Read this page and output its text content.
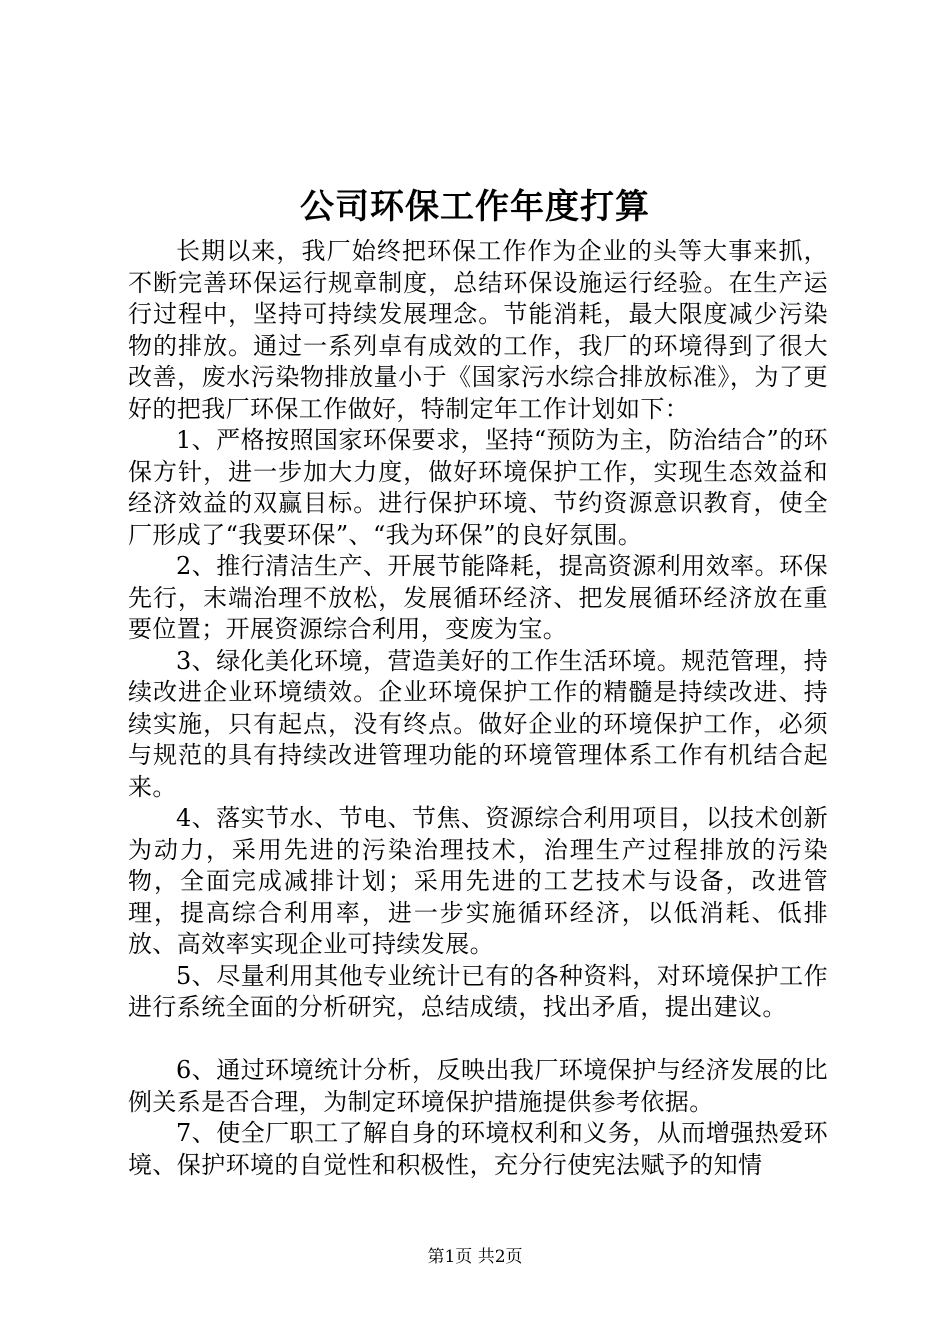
公司环保工作年度打算

长期以来，我厂始终把环保工作作为企业的头等大事来抓，不断完善环保运行规章制度，总结环保设施运行经验。在生产运行过程中，坚持可持续发展理念。节能消耗，最大限度减少污染物的排放。通过一系列卓有成效的工作，我厂的环境得到了很大改善，废水污染物排放量小于《国家污水综合排放标准》，为了更好的把我厂环保工作做好，特制定年工作计划如下：

1、严格按照国家环保要求，坚持“预防为主，防治结合”的环保方针，进一步加大力度，做好环境保护工作，实现生态效益和经济效益的双赢目标。进行保护环境、节约资源意识教育，使全厂形成了“我要环保”、“我为环保”的良好氛围。

2、推行清洁生产、开展节能降耗，提高资源利用效率。环保先行，末端治理不放松，发展循环经济、把发展循环经济放在重要位置；开展资源综合利用，变废为宝。

3、绿化美化环境，营造美好的工作生活环境。规范管理，持续改进企业环境绩效。企业环境保护工作的精髓是持续改进、持续实施，只有起点，没有终点。做好企业的环境保护工作，必须与规范的具有持续改进管理功能的环境管理体系工作有机结合起来。

4、落实节水、节电、节焦、资源综合利用项目，以技术创新为动力，采用先进的污染治理技术，治理生产过程排放的污染物，全面完成减排计划；采用先进的工艺技术与设备，改进管理，提高综合利用率，进一步实施循环经济，以低消耗、低排放、高效率实现企业可持续发展。

5、尽量利用其他专业统计已有的各种资料，对环境保护工作进行系统全面的分析研究，总结成绩，找出矛盾，提出建议。

6、通过环境统计分析，反映出我厂环境保护与经济发展的比例关系是否合理，为制定环境保护措施提供参考依据。

7、使全厂职工了解自身的环境权利和义务，从而增强热爱环境、保护环境的自觉性和积极性，充分行使宪法赋予的知情

第1页 共2页
